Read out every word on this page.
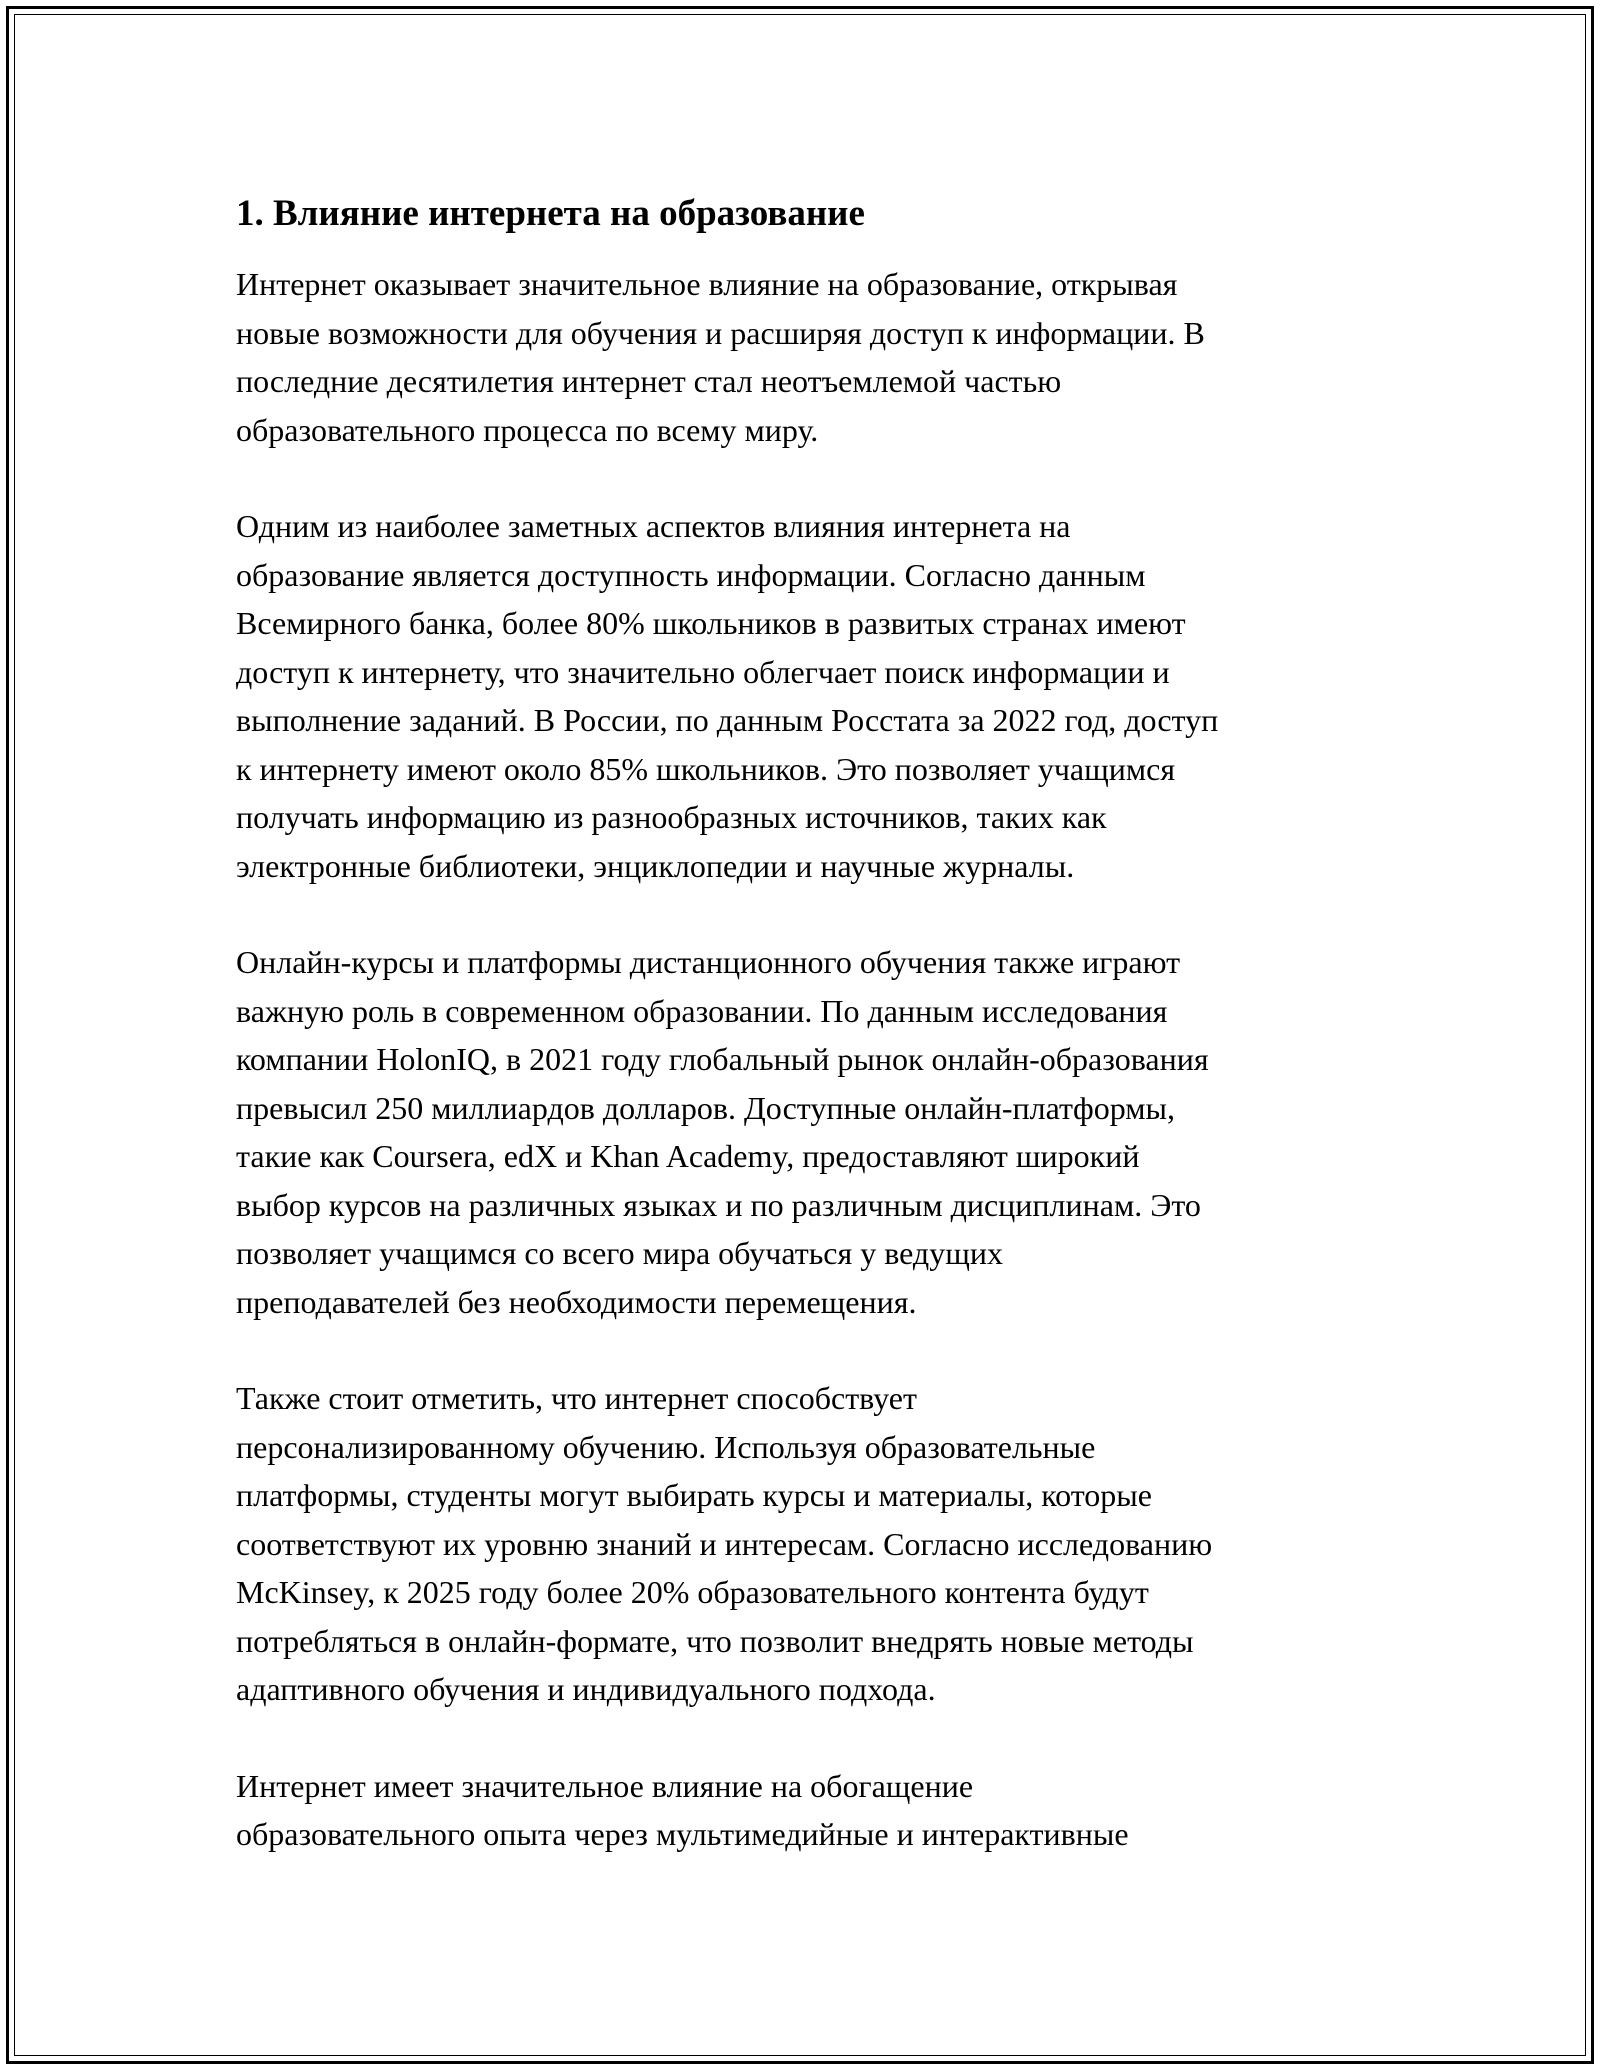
1. Влияние интернета на образование
Интернет оказывает значительное влияние на образование, открывая
новые возможности для обучения и расширяя доступ к информации. В
последние десятилетия интернет стал неотъемлемой частью
образовательного процесса по всему миру.
Одним из наиболее заметных аспектов влияния интернета на
образование является доступность информации. Согласно данным
Всемирного банка, более 80% школьников в развитых странах имеют
доступ к интернету, что значительно облегчает поиск информации и
выполнение заданий. В России, по данным Росстата за 2022 год, доступ
к интернету имеют около 85% школьников. Это позволяет учащимся
получать информацию из разнообразных источников, таких как
электронные библиотеки, энциклопедии и научные журналы.
Онлайн-курсы и платформы дистанционного обучения также играют
важную роль в современном образовании. По данным исследования
компании HolonIQ, в 2021 году глобальный рынок онлайн-образования
превысил 250 миллиардов долларов. Доступные онлайн-платформы,
такие как Coursera, edX и Khan Academy, предоставляют широкий
выбор курсов на различных языках и по различным дисциплинам. Это
позволяет учащимся со всего мира обучаться у ведущих
преподавателей без необходимости перемещения.
Также стоит отметить, что интернет способствует
персонализированному обучению. Используя образовательные
платформы, студенты могут выбирать курсы и материалы, которые
соответствуют их уровню знаний и интересам. Согласно исследованию
McKinsey, к 2025 году более 20% образовательного контента будут
потребляться в онлайн-формате, что позволит внедрять новые методы
адаптивного обучения и индивидуального подхода.
Интернет имеет значительное влияние на обогащение
образовательного опыта через мультимедийные и интерактивные
